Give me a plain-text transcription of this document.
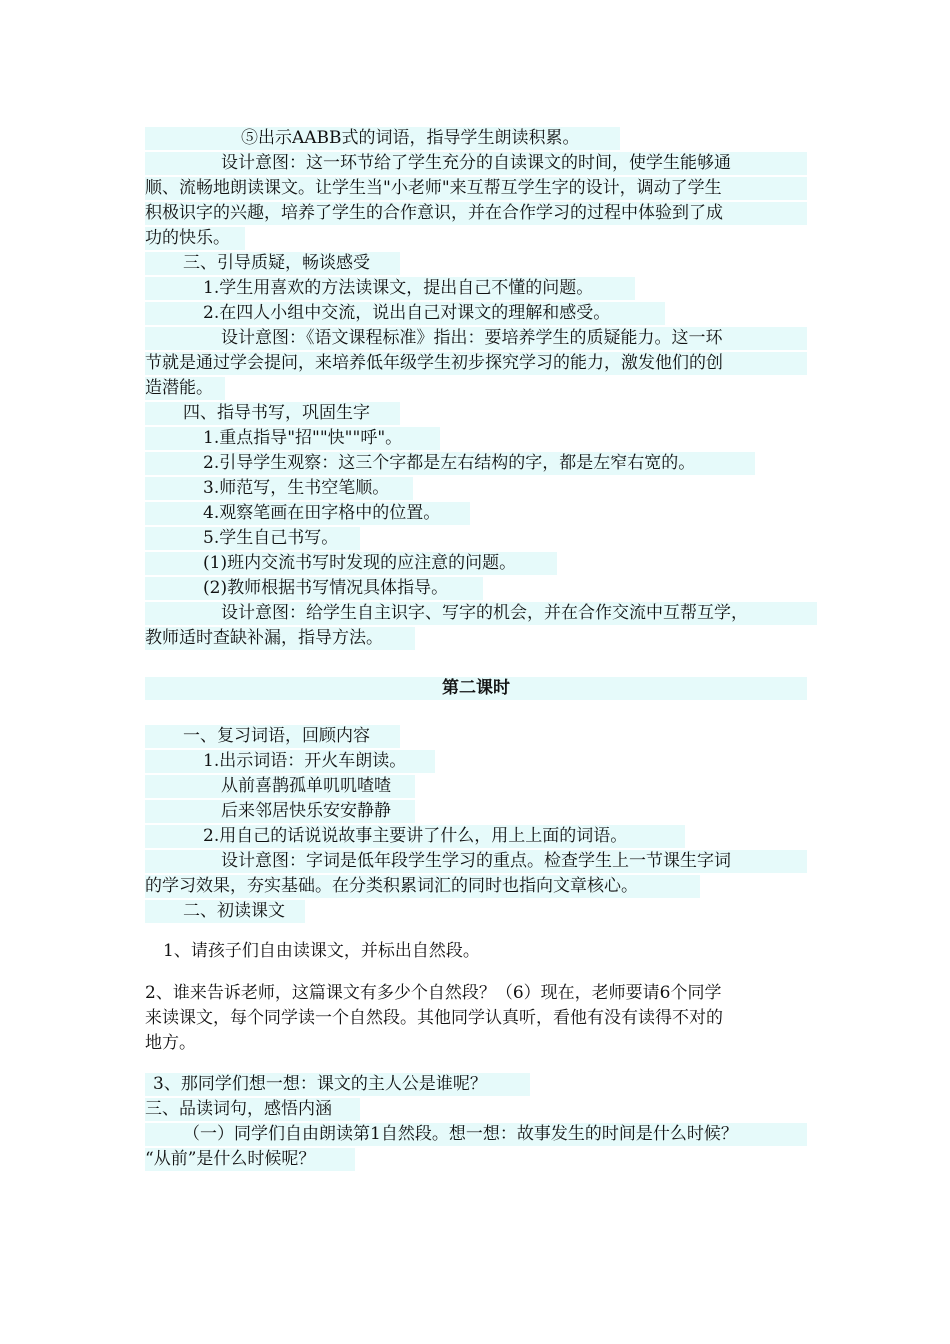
⑤出示AABB式的词语，指导学生朗读积累。

设计意图：这一环节给了学生充分的自读课文的时间，使学生能够通

顺、流畅地朗读课文。让学生当"小老师"来互帮互学生字的设计，调动了学生

积极识字的兴趣，培养了学生的合作意识，并在合作学习的过程中体验到了成

功的快乐。

三、引导质疑，畅谈感受

1.学生用喜欢的方法读课文，提出自己不懂的问题。

2.在四人小组中交流，说出自己对课文的理解和感受。

设计意图：《语文课程标准》指出：要培养学生的质疑能力。这一环

节就是通过学会提问，来培养低年级学生初步探究学习的能力，激发他们的创

造潜能。

四、指导书写，巩固生字

1.重点指导"招""快""呼"。

2.引导学生观察：这三个字都是左右结构的字，都是左窄右宽的。

3.师范写，生书空笔顺。

4.观察笔画在田字格中的位置。

5.学生自己书写。

(1)班内交流书写时发现的应注意的问题。

(2)教师根据书写情况具体指导。

设计意图：给学生自主识字、写字的机会，并在合作交流中互帮互学，

教师适时查缺补漏，指导方法。

第二课时

一、复习词语，回顾内容

1.出示词语：开火车朗读。

从前喜鹊孤单叽叽喳喳

后来邻居快乐安安静静

2.用自己的话说说故事主要讲了什么，用上上面的词语。

设计意图：字词是低年段学生学习的重点。检查学生上一节课生字词

的学习效果，夯实基础。在分类积累词汇的同时也指向文章核心。

二、初读课文

1、请孩子们自由读课文，并标出自然段。

2、谁来告诉老师，这篇课文有多少个自然段？（6）现在，老师要请6个同学

来读课文，每个同学读一个自然段。其他同学认真听，看他有没有读得不对的

地方。

3、那同学们想一想：课文的主人公是谁呢？

三、品读词句，感悟内涵

（一）同学们自由朗读第1自然段。想一想：故事发生的时间是什么时候？

“从前”是什么时候呢？
